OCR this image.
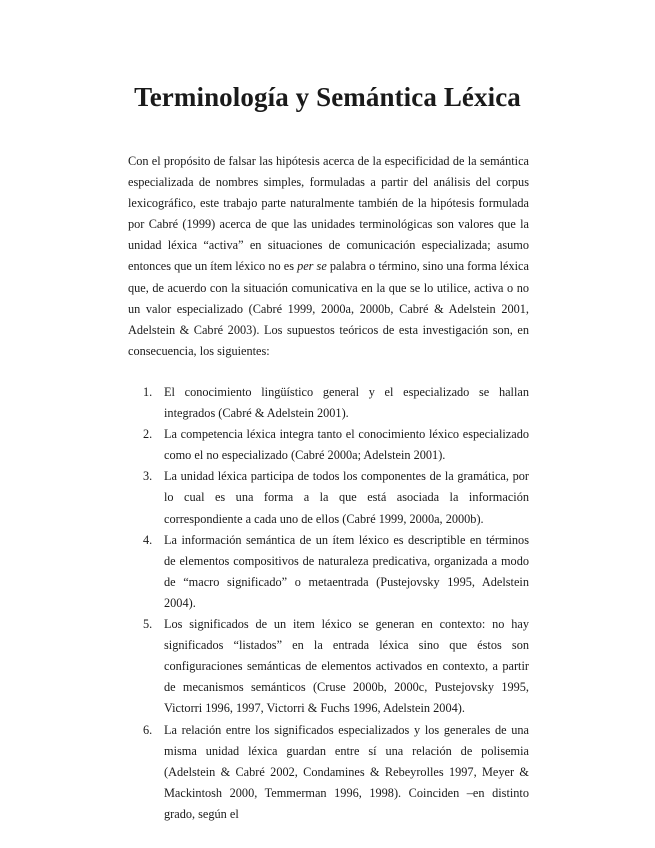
Terminología y Semántica Léxica

Con el propósito de falsar las hipótesis acerca de la especificidad de la semántica especializada de nombres simples, formuladas a partir del análisis del corpus lexicográfico, este trabajo parte naturalmente también de la hipótesis formulada por Cabré (1999) acerca de que las unidades terminológicas son valores que la unidad léxica “activa” en situaciones de comunicación especializada; asumo entonces que un ítem léxico no es per se palabra o término, sino una forma léxica que, de acuerdo con la situación comunicativa en la que se lo utilice, activa o no un valor especializado (Cabré 1999, 2000a, 2000b, Cabré & Adelstein 2001, Adelstein & Cabré 2003). Los supuestos teóricos de esta investigación son, en consecuencia, los siguientes:

1. El conocimiento lingüístico general y el especializado se hallan integrados (Cabré & Adelstein 2001).
2. La competencia léxica integra tanto el conocimiento léxico especializado como el no especializado (Cabré 2000a; Adelstein 2001).
3. La unidad léxica participa de todos los componentes de la gramática, por lo cual es una forma a la que está asociada la información correspondiente a cada uno de ellos (Cabré 1999, 2000a, 2000b).
4. La información semántica de un ítem léxico es descriptible en términos de elementos compositivos de naturaleza predicativa, organizada a modo de “macro significado” o metaentrada (Pustejovsky 1995, Adelstein 2004).
5. Los significados de un item léxico se generan en contexto: no hay significados “listados” en la entrada léxica sino que éstos son configuraciones semánticas de elementos activados en contexto, a partir de mecanismos semánticos (Cruse 2000b, 2000c, Pustejovsky 1995, Victorri 1996, 1997, Victorri & Fuchs 1996, Adelstein 2004).
6. La relación entre los significados especializados y los generales de una misma unidad léxica guardan entre sí una relación de polisemia (Adelstein & Cabré 2002, Condamines & Rebeyrolles 1997, Meyer & Mackintosh 2000, Temmerman 1996, 1998). Coinciden –en distinto grado, según el
